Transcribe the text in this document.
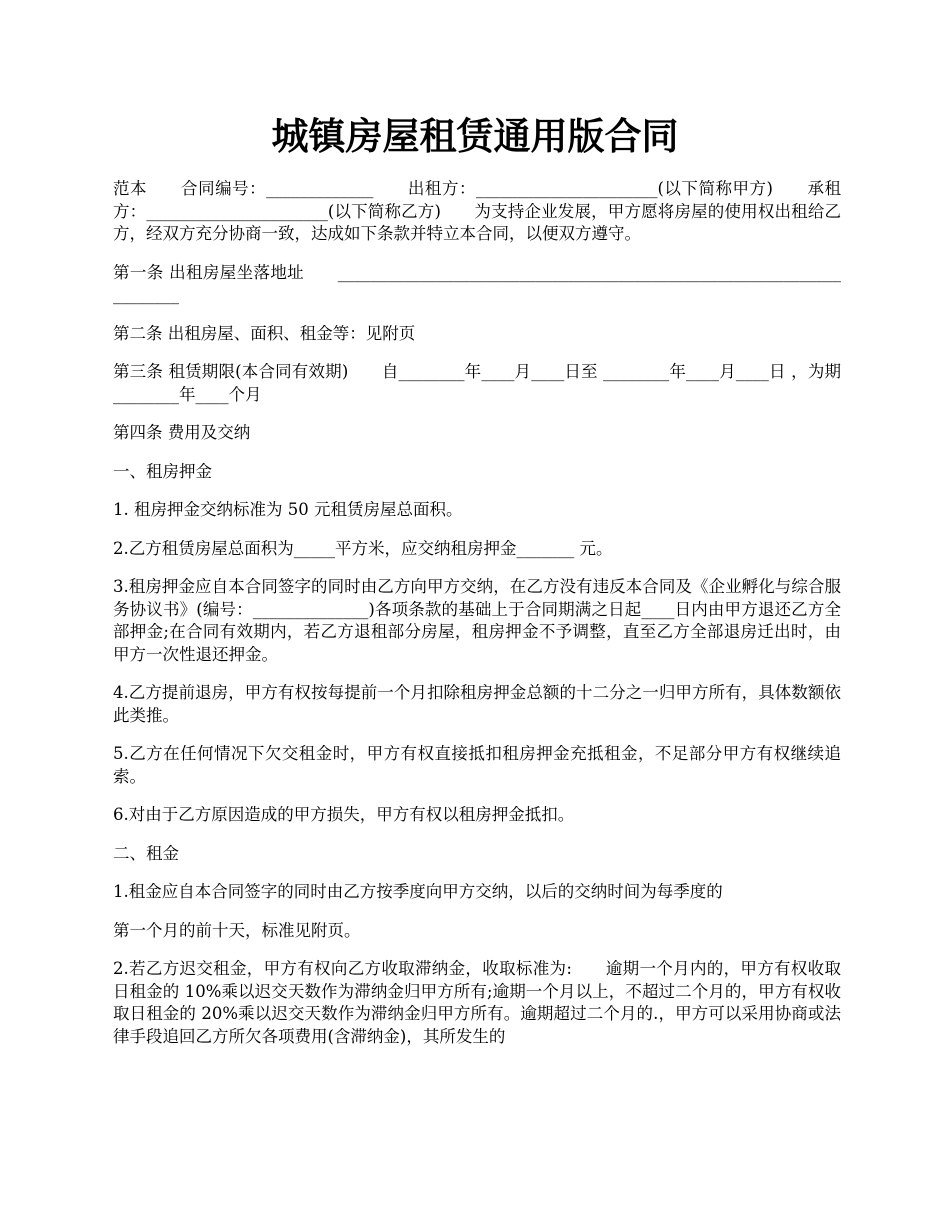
城镇房屋租赁通用版合同

范本　　合同编号：_____________　　出租方：______________________(以下简称甲方)　　承租方：______________________(以下简称乙方)　　为支持企业发展，甲方愿将房屋的使用权出租给乙方，经双方充分协商一致，达成如下条款并特立本合同，以便双方遵守。

第一条 出租房屋坐落地址　　_____________________________________________________________________

第二条 出租房屋、面积、租金等：见附页

第三条 租赁期限(本合同有效期)　　自________年____月____日至 ________年____月____日 ，为期 ________年____个月

第四条 费用及交纳

一、租房押金

1. 租房押金交纳标准为 50 元租赁房屋总面积。

2.乙方租赁房屋总面积为_____平方米，应交纳租房押金_______ 元。

3.租房押金应自本合同签字的同时由乙方向甲方交纳，在乙方没有违反本合同及《企业孵化与综合服务协议书》(编号：______________)各项条款的基础上于合同期满之日起____日内由甲方退还乙方全部押金;在合同有效期内，若乙方退租部分房屋，租房押金不予调整，直至乙方全部退房迁出时，由甲方一次性退还押金。

4.乙方提前退房，甲方有权按每提前一个月扣除租房押金总额的十二分之一归甲方所有，具体数额依此类推。

5.乙方在任何情况下欠交租金时，甲方有权直接抵扣租房押金充抵租金，不足部分甲方有权继续追索。

6.对由于乙方原因造成的甲方损失，甲方有权以租房押金抵扣。

二、租金

1.租金应自本合同签字的同时由乙方按季度向甲方交纳，以后的交纳时间为每季度的

第一个月的前十天，标准见附页。

2.若乙方迟交租金，甲方有权向乙方收取滞纳金，收取标准为:　　逾期一个月内的，甲方有权收取日租金的 10%乘以迟交天数作为滞纳金归甲方所有;逾期一个月以上，不超过二个月的，甲方有权收取日租金的 20%乘以迟交天数作为滞纳金归甲方所有。逾期超过二个月的.，甲方可以采用协商或法律手段追回乙方所欠各项费用(含滞纳金)，其所发生的
